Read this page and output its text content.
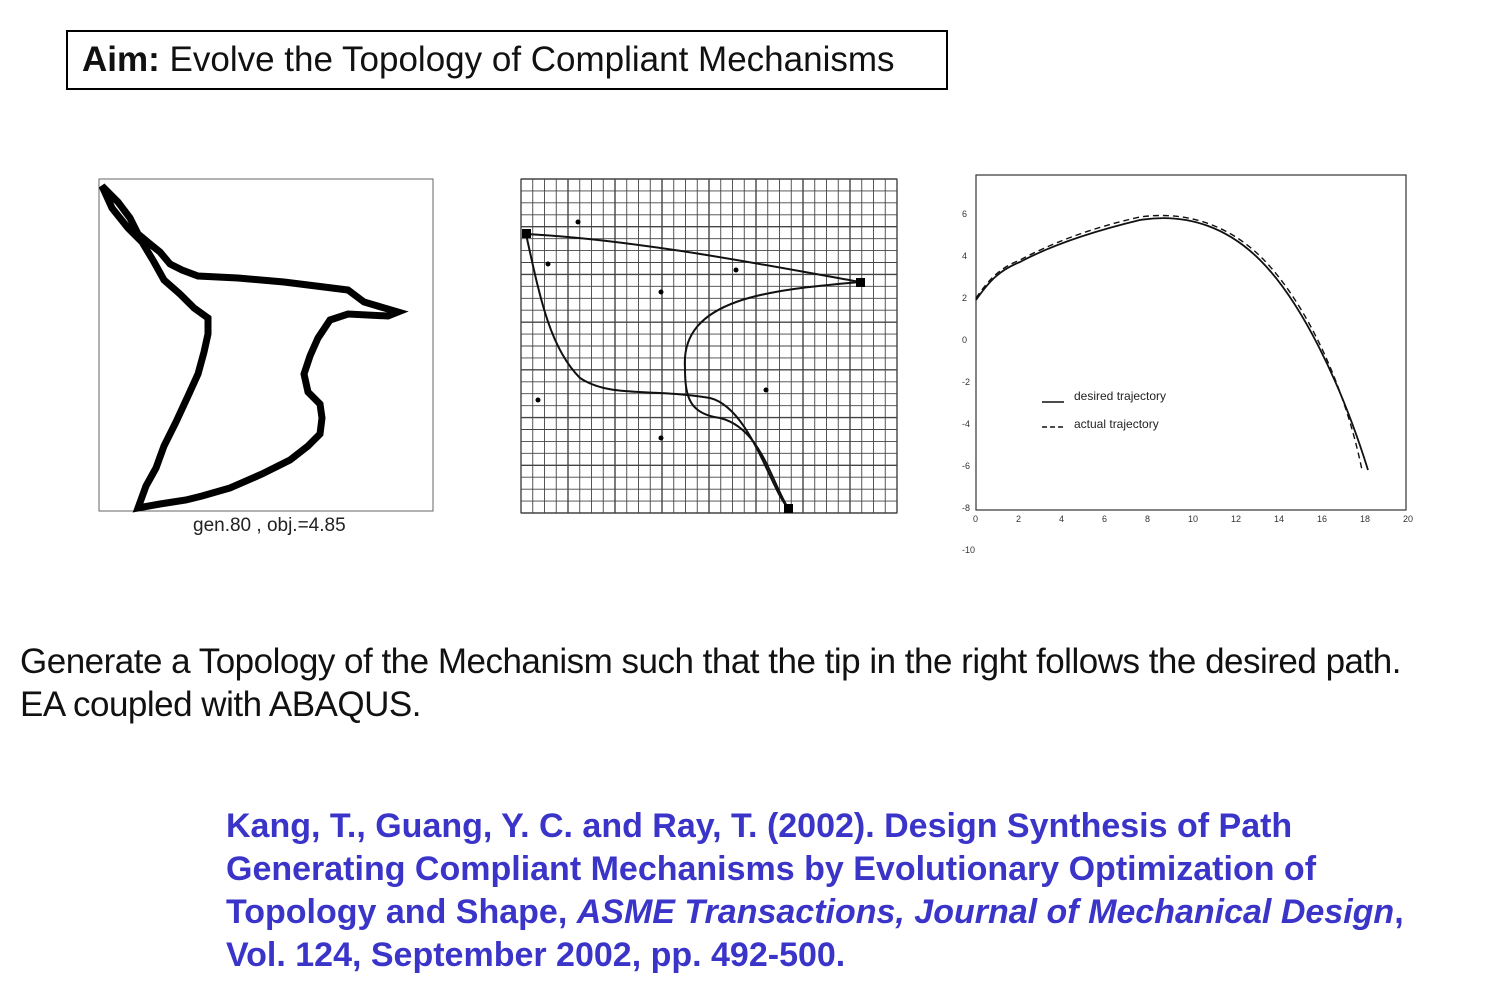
Aim: Evolve the Topology of Compliant Mechanisms
gen.80 , obj.=4.85
desired trajectory
actual trajectory
0	2	4	6	8	10	12	14	16	18	20
6
4
2
0
-2
-4
-6
-8
-10
Generate a Topology of the Mechanism such that the tip in the right follows the desired path.
EA coupled with ABAQUS.
Kang, T., Guang, Y. C. and Ray, T. (2002). Design Synthesis of Path Generating Compliant Mechanisms by Evolutionary Optimization of Topology and Shape, ASME Transactions, Journal of Mechanical Design, Vol. 124, September 2002, pp. 492-500.
